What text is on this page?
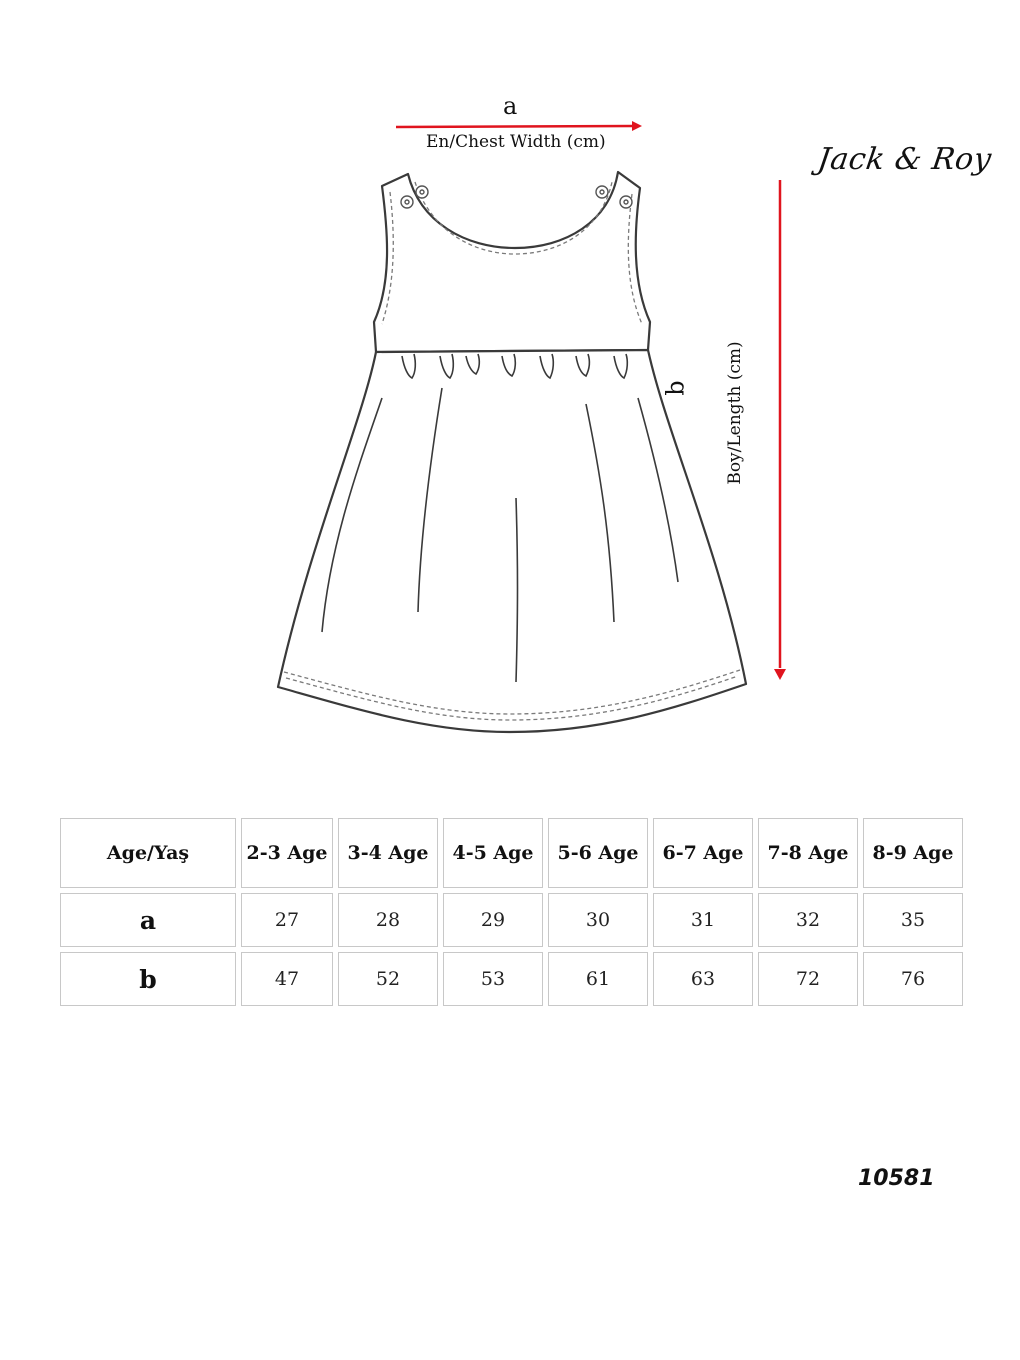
a
En/Chest Width (cm)	Jack & Roy
b Boy/Length (cm)
Age/Yaş	2-3 Age	3-4 Age	4-5 Age	5-6 Age	6-7 Age	7-8 Age	8-9 Age
a	27	28	29	30	31	32	35
b	47	52	53	61	63	72	76
10581
